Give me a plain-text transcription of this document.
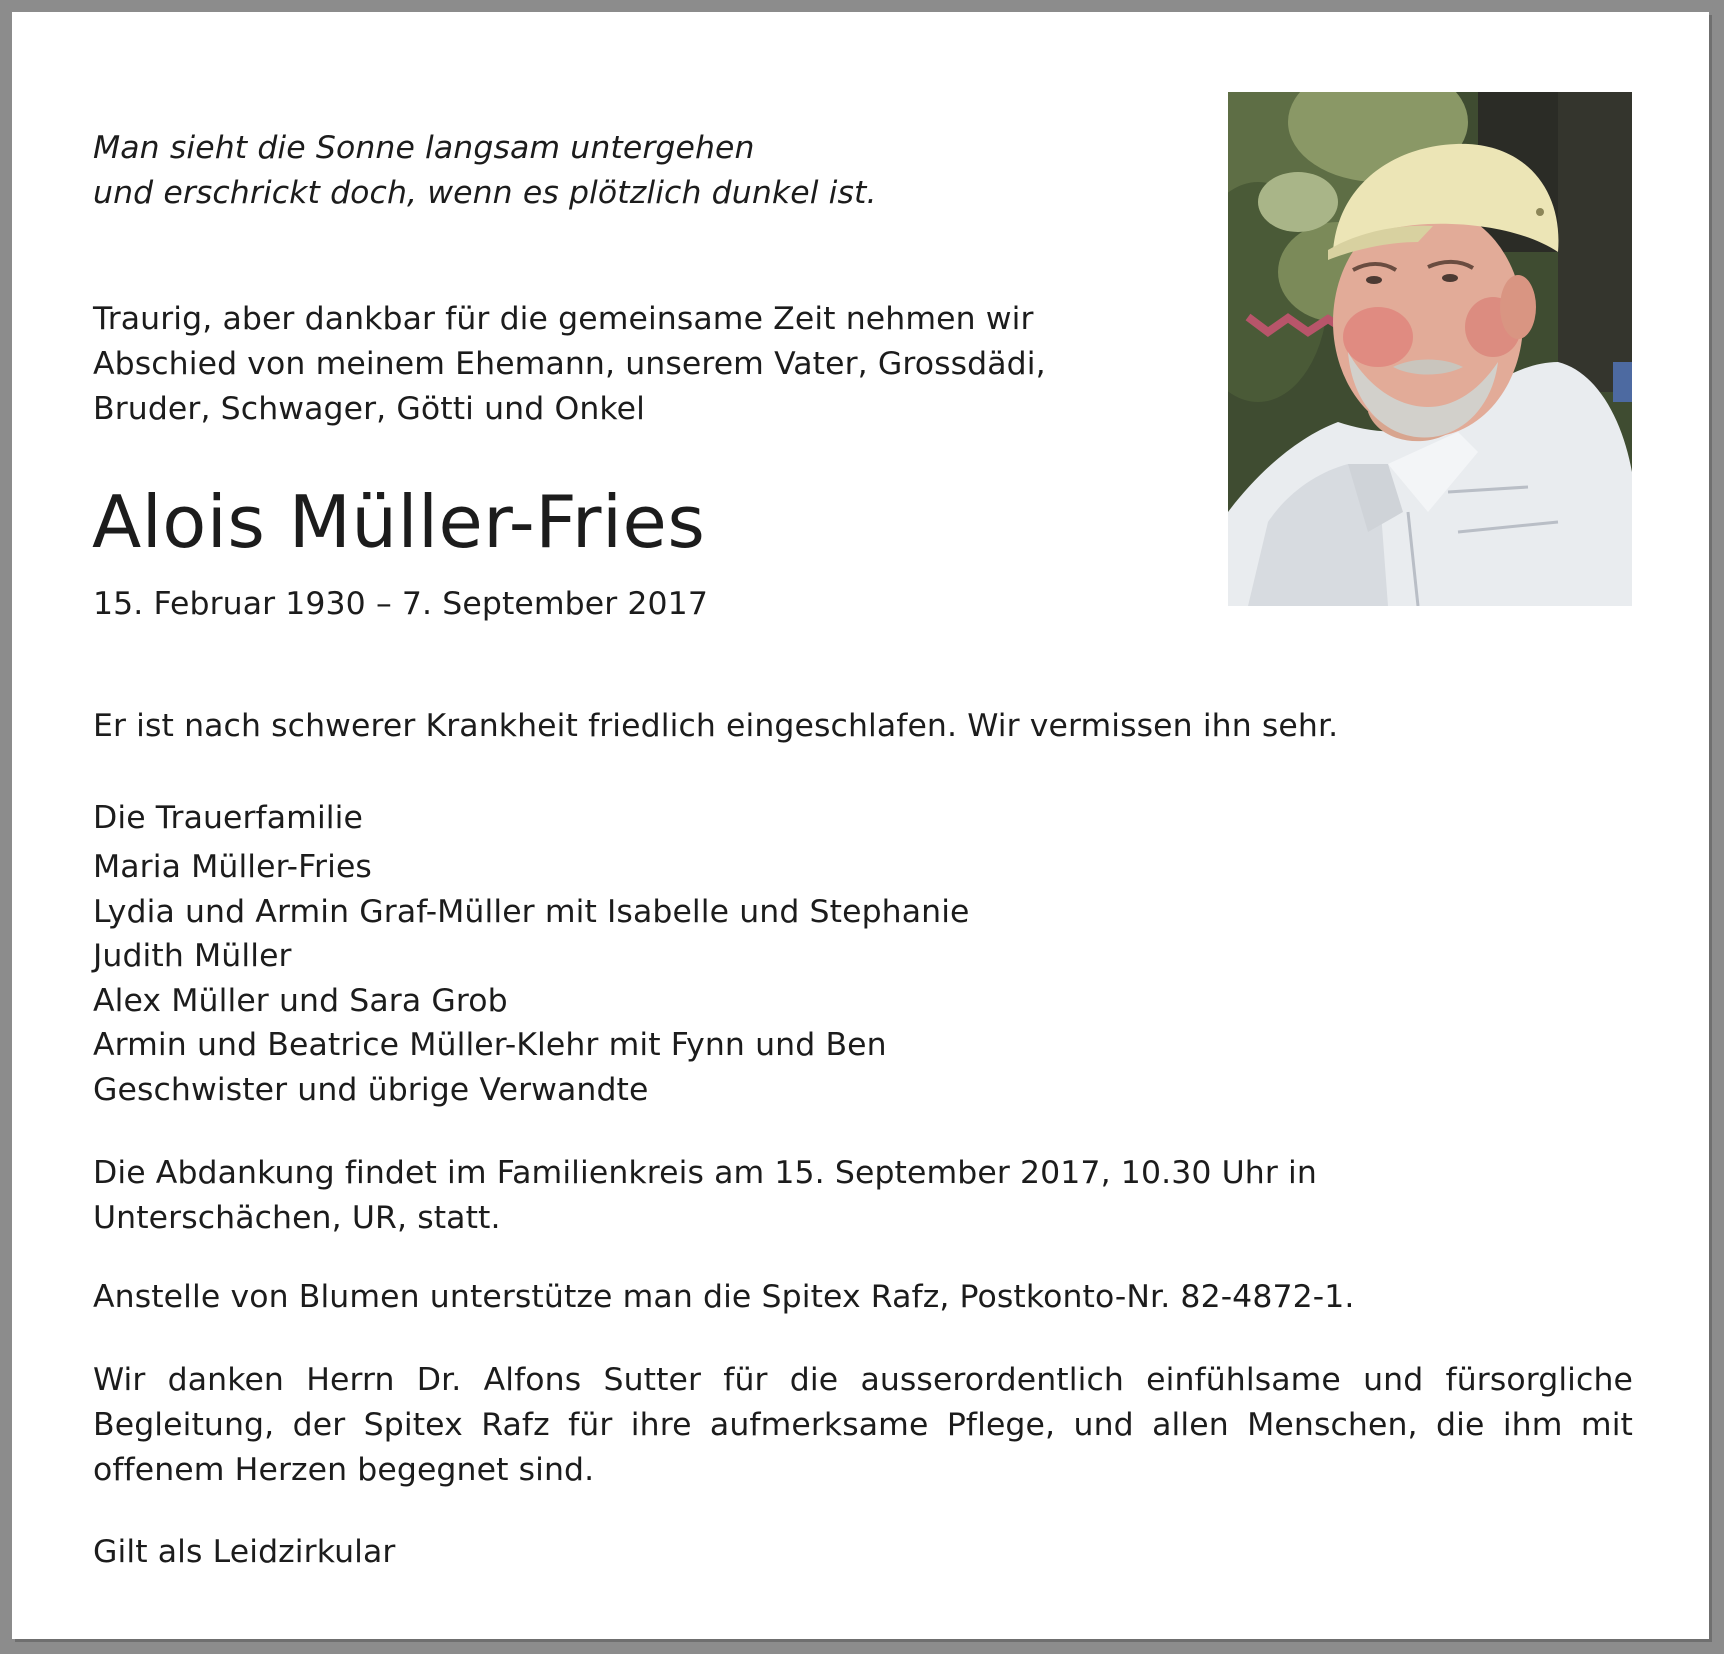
Man sieht die Sonne langsam untergehen
und erschrickt doch, wenn es plötzlich dunkel ist.

Traurig, aber dankbar für die gemeinsame Zeit nehmen wir
Abschied von meinem Ehemann, unserem Vater, Grossdädi,
Bruder, Schwager, Götti und Onkel

Alois Müller-Fries

15. Februar 1930 – 7. September 2017

Er ist nach schwerer Krankheit friedlich eingeschlafen. Wir vermissen ihn sehr.

Die Trauerfamilie

Maria Müller-Fries
Lydia und Armin Graf-Müller mit Isabelle und Stephanie
Judith Müller
Alex Müller und Sara Grob
Armin und Beatrice Müller-Klehr mit Fynn und Ben
Geschwister und übrige Verwandte

Die Abdankung findet im Familienkreis am 15. September 2017, 10.30 Uhr in
Unterschächen, UR, statt.

Anstelle von Blumen unterstütze man die Spitex Rafz, Postkonto-Nr. 82-4872-1.

Wir danken Herrn Dr. Alfons Sutter für die ausserordentlich einfühlsame und fürsorgliche Begleitung, der Spitex Rafz für ihre aufmerksame Pflege, und allen Menschen, die ihm mit offenem Herzen begegnet sind.

Gilt als Leidzirkular
